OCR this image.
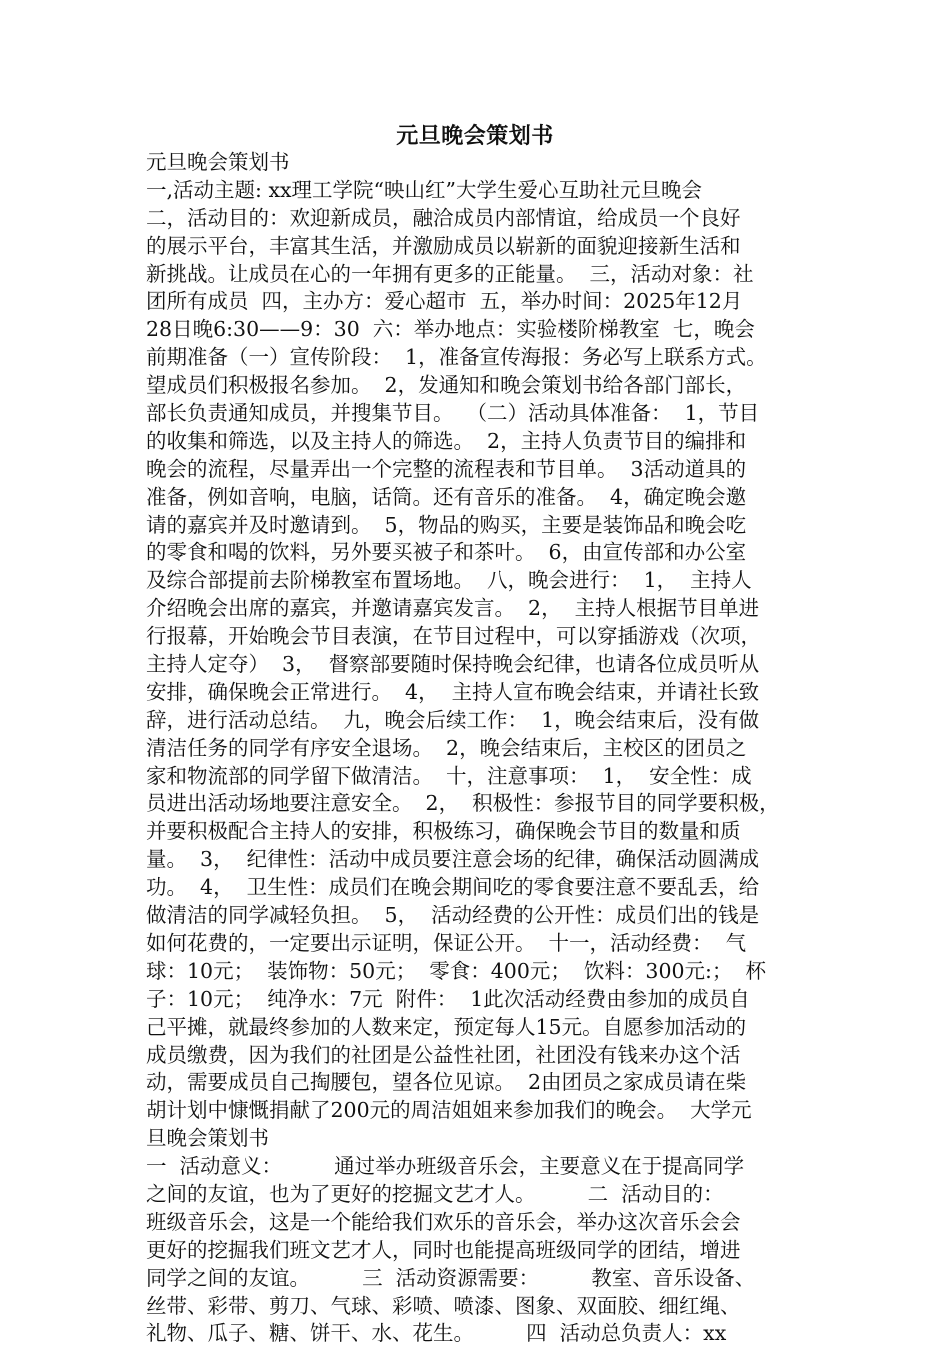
元旦晚会策划书
元旦晚会策划书
一,活动主题: xx理工学院“映山红”大学生爱心互助社元旦晚会
二，活动目的：欢迎新成员，融洽成员内部情谊，给成员一个良好
的展示平台，丰富其生活，并激励成员以崭新的面貌迎接新生活和
新挑战。让成员在心的一年拥有更多的正能量。  三，活动对象：社
团所有成员  四，主办方：爱心超市  五，举办时间：2025年12月
28日晚6:30——9：30  六：举办地点：实验楼阶梯教室  七，晚会
前期准备（一）宣传阶段：  1，准备宣传海报：务必写上联系方式。
望成员们积极报名参加。  2，发通知和晚会策划书给各部门部长，
部长负责通知成员，并搜集节目。  （二）活动具体准备：  1，节目
的收集和筛选，以及主持人的筛选。  2，主持人负责节目的编排和
晚会的流程，尽量弄出一个完整的流程表和节目单。  3活动道具的
准备，例如音响，电脑，话筒。还有音乐的准备。  4，确定晚会邀
请的嘉宾并及时邀请到。  5，物品的购买，主要是装饰品和晚会吃
的零食和喝的饮料，另外要买被子和茶叶。  6，由宣传部和办公室
及综合部提前去阶梯教室布置场地。  八，晚会进行：  1，  主持人
介绍晚会出席的嘉宾，并邀请嘉宾发言。  2，  主持人根据节目单进
行报幕，开始晚会节目表演，在节目过程中，可以穿插游戏（次项，
主持人定夺）  3，  督察部要随时保持晚会纪律，也请各位成员听从
安排，确保晚会正常进行。  4，  主持人宣布晚会结束，并请社长致
辞，进行活动总结。  九，晚会后续工作：  1，晚会结束后，没有做
清洁任务的同学有序安全退场。  2，晚会结束后，主校区的团员之
家和物流部的同学留下做清洁。  十，注意事项：  1，  安全性：成
员进出活动场地要注意安全。  2，  积极性：参报节目的同学要积极，
并要积极配合主持人的安排，积极练习，确保晚会节目的数量和质
量。  3，  纪律性：活动中成员要注意会场的纪律，确保活动圆满成
功。  4，  卫生性：成员们在晚会期间吃的零食要注意不要乱丢，给
做清洁的同学减轻负担。  5，  活动经费的公开性：成员们出的钱是
如何花费的，一定要出示证明，保证公开。  十一，活动经费：  气
球：10元；  装饰物：50元；  零食：400元；  饮料：300元:；  杯
子：10元；  纯净水：7元  附件：  1此次活动经费由参加的成员自
己平摊，就最终参加的人数来定，预定每人15元。自愿参加活动的
成员缴费，因为我们的社团是公益性社团，社团没有钱来办这个活
动，需要成员自己掏腰包，望各位见谅。  2由团员之家成员请在柴
胡计划中慷慨捐献了200元的周洁姐姐来参加我们的晚会。  大学元
旦晚会策划书
一  活动意义：        通过举办班级音乐会，主要意义在于提高同学
之间的友谊，也为了更好的挖掘文艺才人。        二  活动目的：
班级音乐会，这是一个能给我们欢乐的音乐会，举办这次音乐会会
更好的挖掘我们班文艺才人，同时也能提高班级同学的团结，增进
同学之间的友谊。        三  活动资源需要：        教室、音乐设备、
丝带、彩带、剪刀、气球、彩喷、喷漆、图象、双面胶、细红绳、
礼物、瓜子、糖、饼干、水、花生。        四  活动总负责人：xx
